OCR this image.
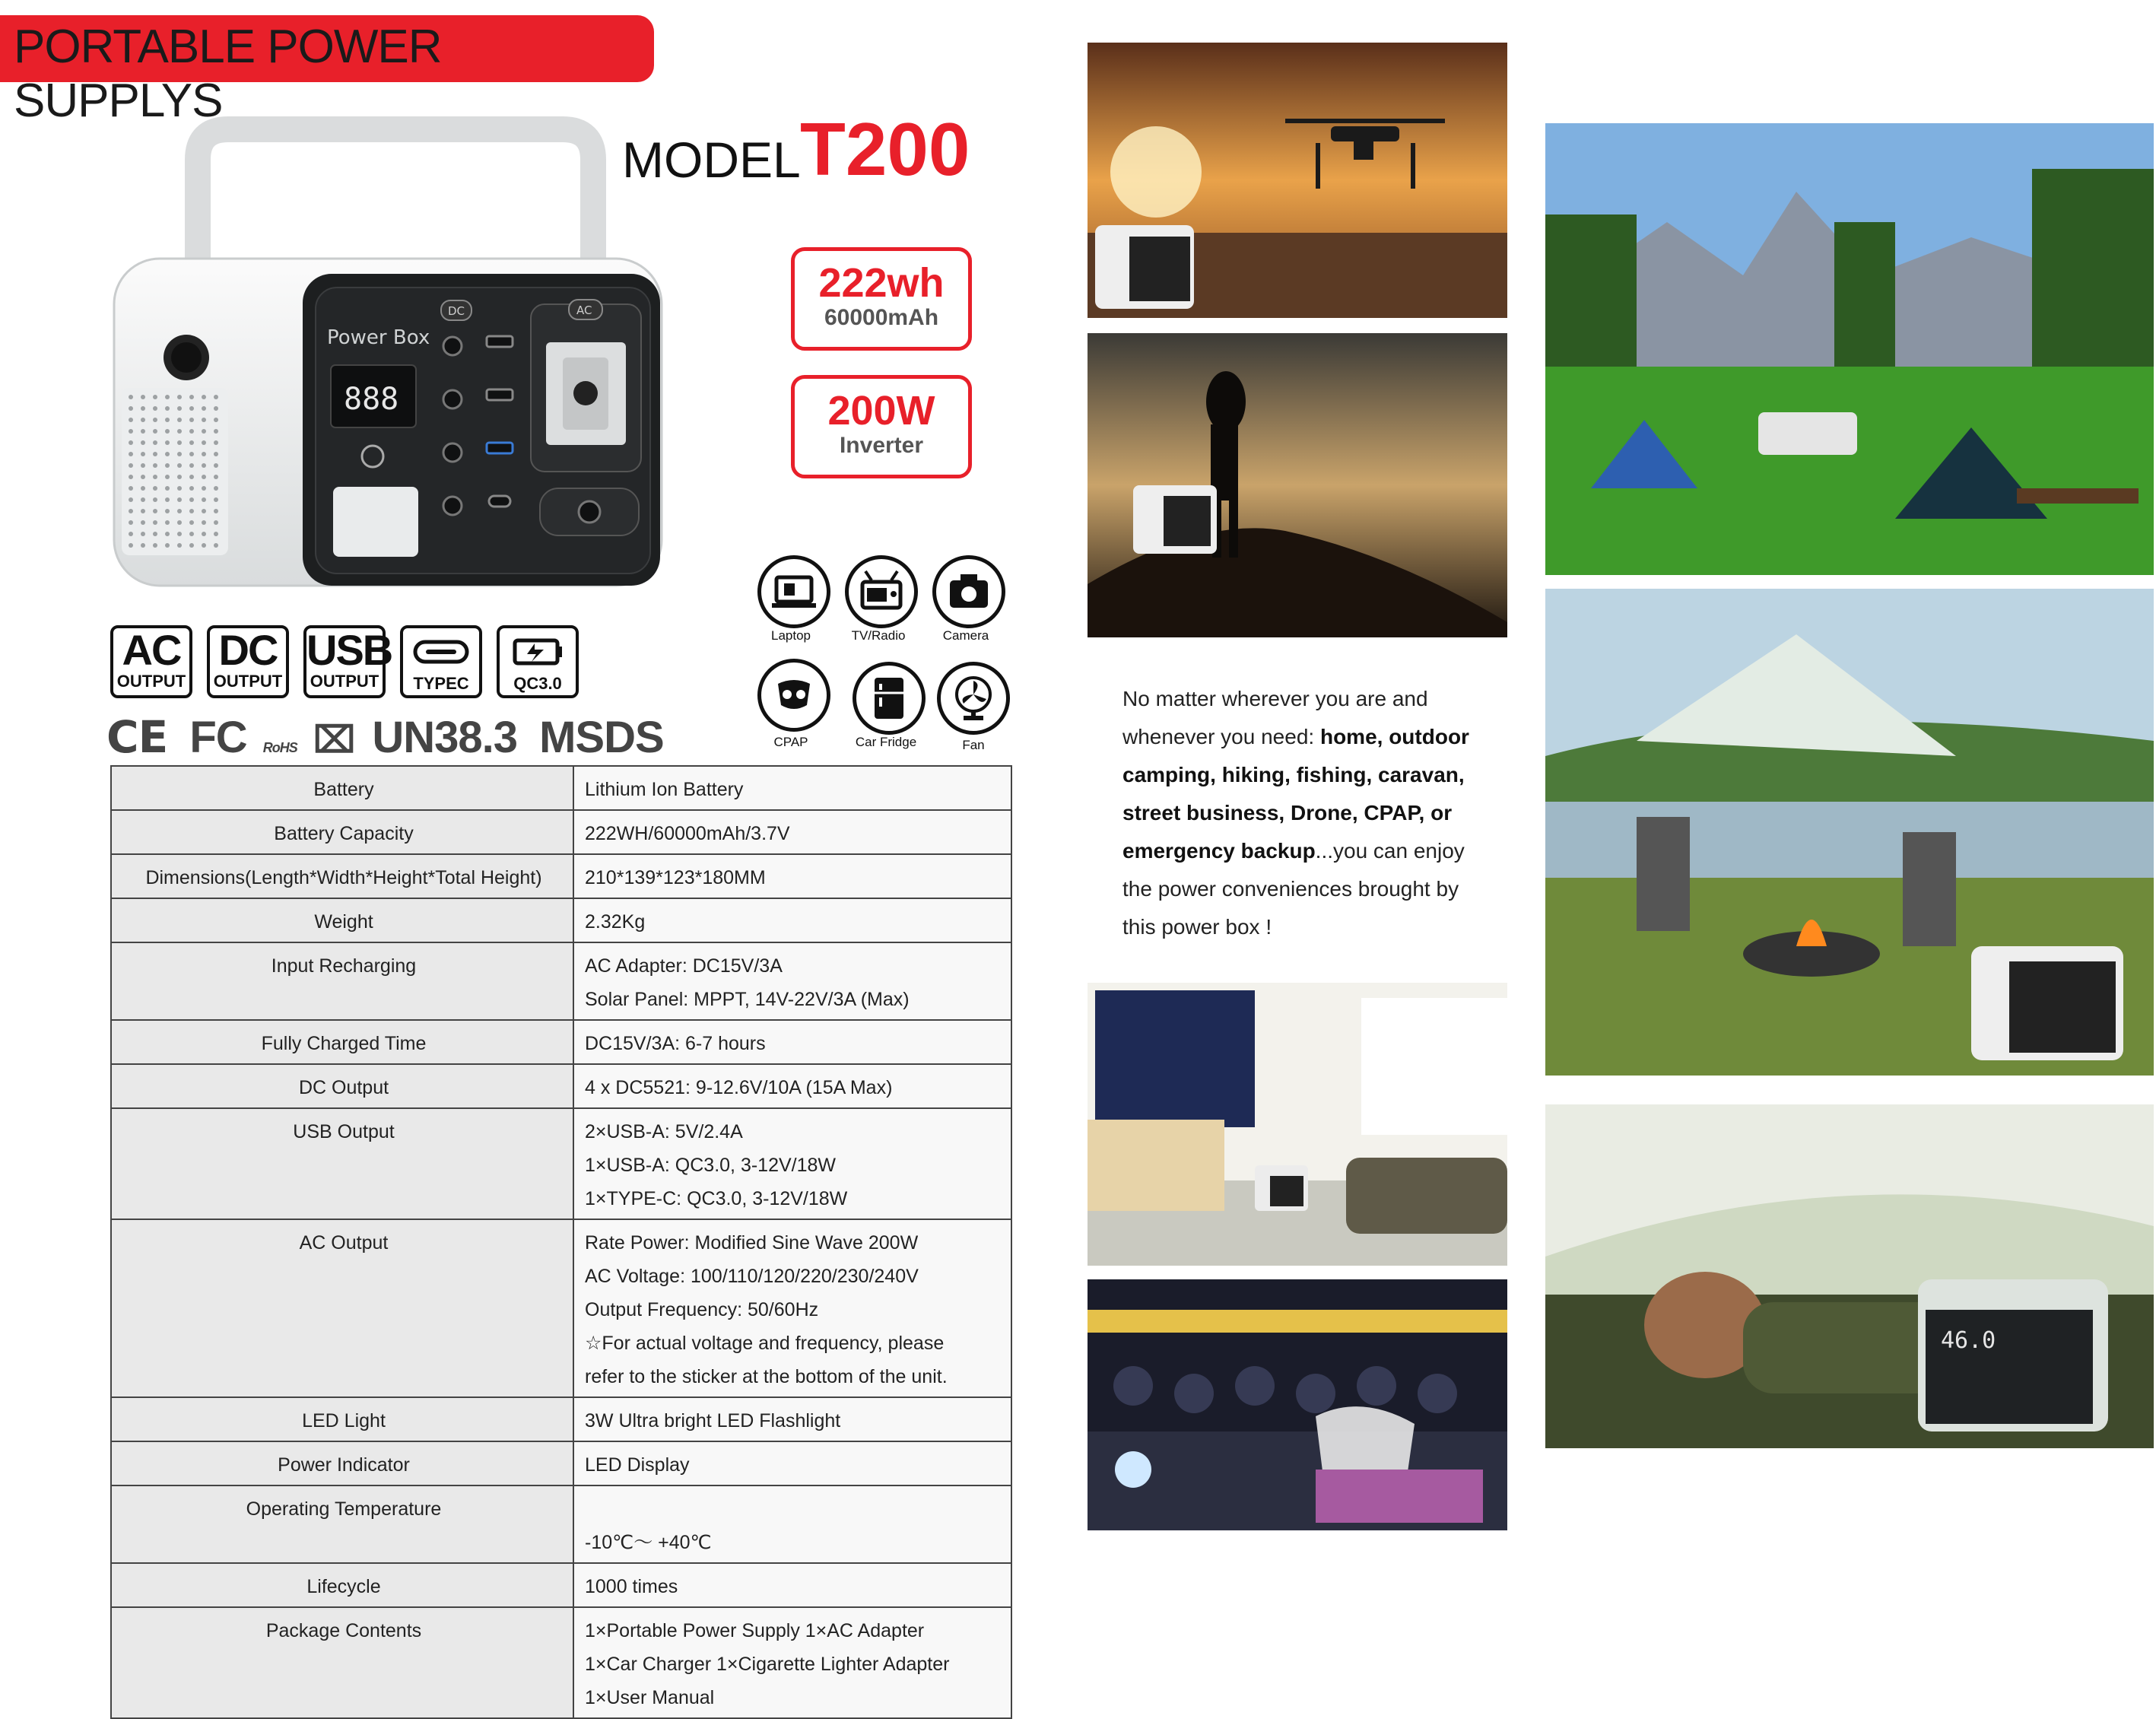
PORTABLE POWER SUPPLYS
MODEL T200
222wh
60000mAh
200W
Inverter
Power Box
888
DC	AC
AC
OUTPUT
DC
OUTPUT
USB
OUTPUT	TYPEC	QC3.0
CE FC RoHS ⌧ UN38.3 MSDS
Laptop	TV/Radio	Camera
CPAP	Car Fridge	Fan
Battery	Lithium Ion Battery

Battery Capacity	222WH/60000mAh/3.7V

Dimensions(Length*Width*Height*Total Height)	210*139*123*180MM

Weight	2.32Kg

Input Recharging	AC Adapter: DC15V/3A
Solar Panel: MPPT, 14V-22V/3A (Max)

Fully Charged Time	DC15V/3A: 6-7 hours

DC Output	4 x DC5521: 9-12.6V/10A (15A Max)

USB Output	2×USB-A: 5V/2.4A
1×USB-A: QC3.0, 3-12V/18W
1×TYPE-C: QC3.0, 3-12V/18W

AC Output	Rate Power: Modified Sine Wave 200W
AC Voltage: 100/110/120/220/230/240V
Output Frequency: 50/60Hz
☆For actual voltage and frequency, please
refer to the sticker at the bottom of the unit.

LED Light	3W Ultra bright LED Flashlight

Power Indicator	LED Display

Operating Temperature	-10℃～ +40℃

Lifecycle	1000 times

Package Contents	1×Portable Power Supply 1×AC Adapter
1×Car Charger 1×Cigarette Lighter Adapter
1×User Manual
No matter wherever you are and whenever you need: home, outdoor camping, hiking, fishing, caravan, street business, Drone, CPAP, or emergency backup...you can enjoy the power conveniences brought by this power box !
46.0
